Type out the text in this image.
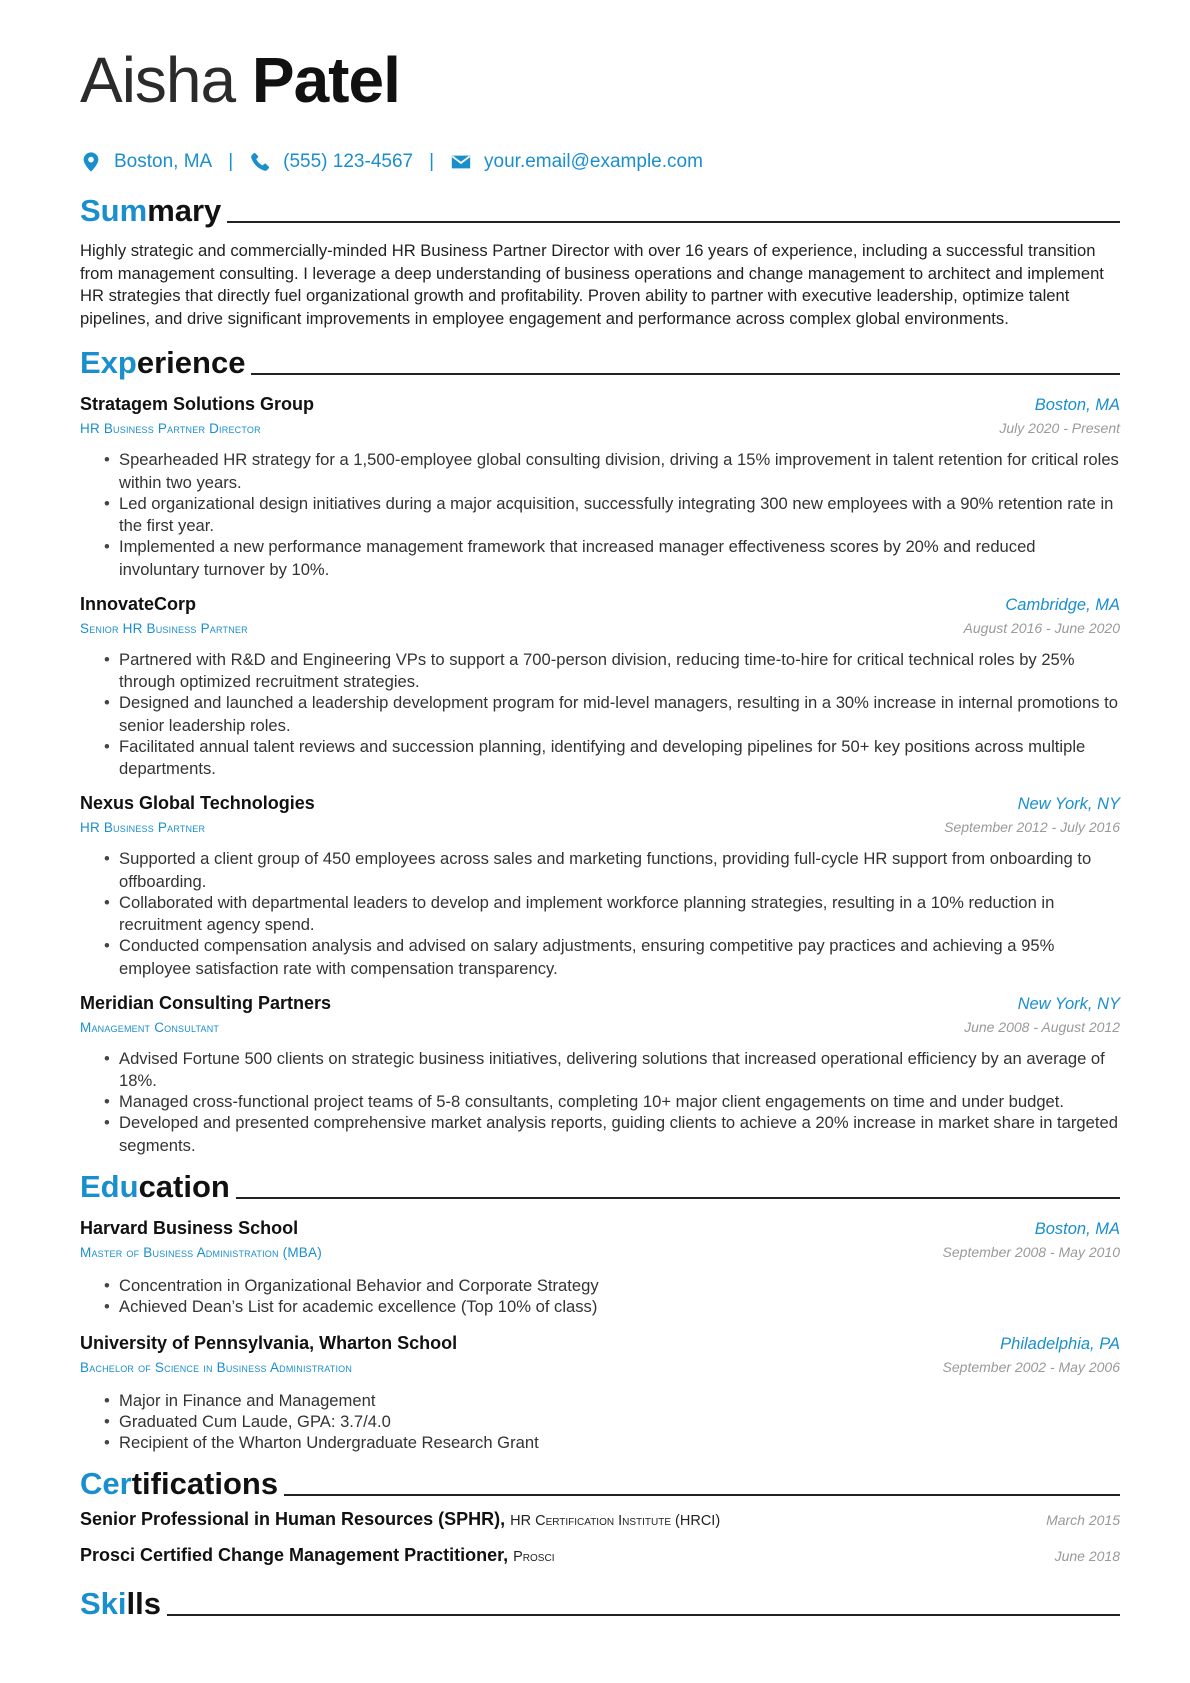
Aisha Patel
Boston, MA |	(555) 123-4567 |	your.email@example.com
Summary
Highly strategic and commercially-minded HR Business Partner Director with over 16 years of experience, including a successful transition from management consulting. I leverage a deep understanding of business operations and change management to architect and implement HR strategies that directly fuel organizational growth and profitability. Proven ability to partner with executive leadership, optimize talent pipelines, and drive significant improvements in employee engagement and performance across complex global environments.
Experience
Stratagem Solutions Group	Boston, MA
HR Business Partner Director	July 2020 - Present
• Spearheaded HR strategy for a 1,500-employee global consulting division, driving a 15% improvement in talent retention for critical roles within two years.
• Led organizational design initiatives during a major acquisition, successfully integrating 300 new employees with a 90% retention rate in the first year.
• Implemented a new performance management framework that increased manager effectiveness scores by 20% and reduced involuntary turnover by 10%.
InnovateCorp	Cambridge, MA
Senior HR Business Partner	August 2016 - June 2020
• Partnered with R&D and Engineering VPs to support a 700-person division, reducing time-to-hire for critical technical roles by 25% through optimized recruitment strategies.
• Designed and launched a leadership development program for mid-level managers, resulting in a 30% increase in internal promotions to senior leadership roles.
• Facilitated annual talent reviews and succession planning, identifying and developing pipelines for 50+ key positions across multiple departments.
Nexus Global Technologies	New York, NY
HR Business Partner	September 2012 - July 2016
• Supported a client group of 450 employees across sales and marketing functions, providing full-cycle HR support from onboarding to offboarding.
• Collaborated with departmental leaders to develop and implement workforce planning strategies, resulting in a 10% reduction in recruitment agency spend.
• Conducted compensation analysis and advised on salary adjustments, ensuring competitive pay practices and achieving a 95% employee satisfaction rate with compensation transparency.
Meridian Consulting Partners	New York, NY
Management Consultant	June 2008 - August 2012
• Advised Fortune 500 clients on strategic business initiatives, delivering solutions that increased operational efficiency by an average of 18%.
• Managed cross-functional project teams of 5-8 consultants, completing 10+ major client engagements on time and under budget.
• Developed and presented comprehensive market analysis reports, guiding clients to achieve a 20% increase in market share in targeted segments.
Education
Harvard Business School	Boston, MA
Master of Business Administration (MBA)	September 2008 - May 2010
• Concentration in Organizational Behavior and Corporate Strategy
• Achieved Dean’s List for academic excellence (Top 10% of class)
University of Pennsylvania, Wharton School	Philadelphia, PA
Bachelor of Science in Business Administration	September 2002 - May 2006
• Major in Finance and Management
• Graduated Cum Laude, GPA: 3.7/4.0
• Recipient of the Wharton Undergraduate Research Grant
Certifications
Senior Professional in Human Resources (SPHR), HR Certification Institute (HRCI)	March 2015
Prosci Certified Change Management Practitioner, Prosci	June 2018
Skills
